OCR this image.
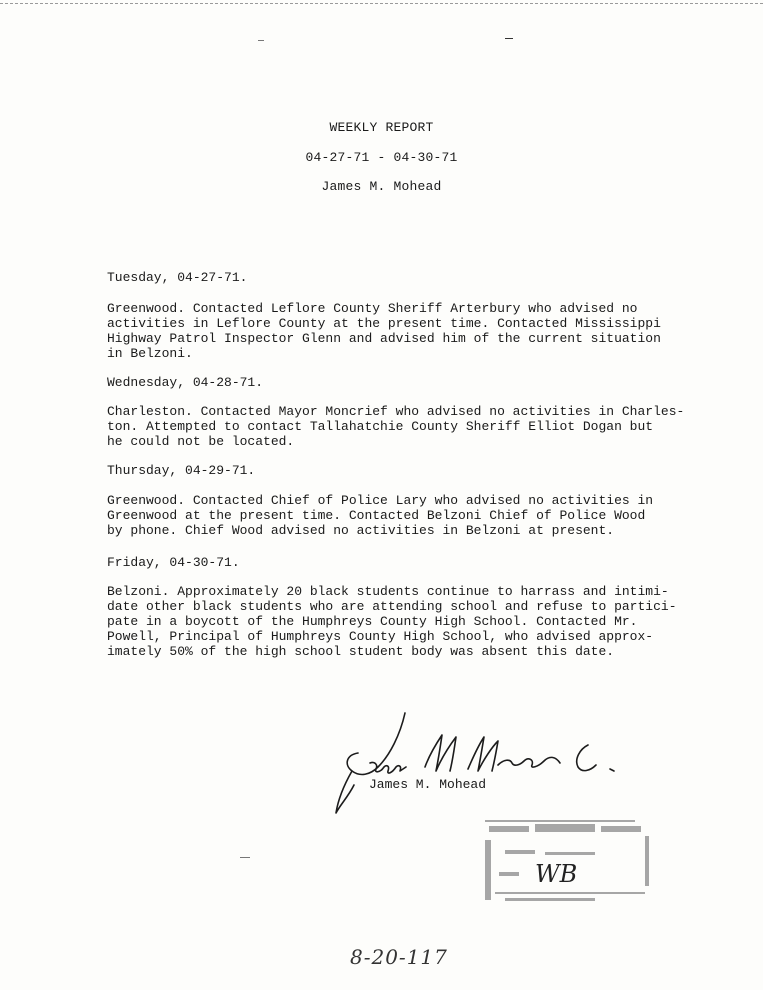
WEEKLY REPORT
04-27-71 - 04-30-71
James M. Mohead
Tuesday, 04-27-71.
Greenwood. Contacted Leflore County Sheriff Arterbury who advised no
activities in Leflore County at the present time. Contacted Mississippi
Highway Patrol Inspector Glenn and advised him of the current situation
in Belzoni.
Wednesday, 04-28-71.
Charleston. Contacted Mayor Moncrief who advised no activities in Charles-
ton. Attempted to contact Tallahatchie County Sheriff Elliot Dogan but
he could not be located.
Thursday, 04-29-71.
Greenwood. Contacted Chief of Police Lary who advised no activities in
Greenwood at the present time. Contacted Belzoni Chief of Police Wood
by phone. Chief Wood advised no activities in Belzoni at present.
Friday, 04-30-71.
Belzoni. Approximately 20 black students continue to harrass and intimi-
date other black students who are attending school and refuse to partici-
pate in a boycott of the Humphreys County High School. Contacted Mr.
Powell, Principal of Humphreys County High School, who advised approx-
imately 50% of the high school student body was absent this date.
James M. Mohead
WB
8-20-117
